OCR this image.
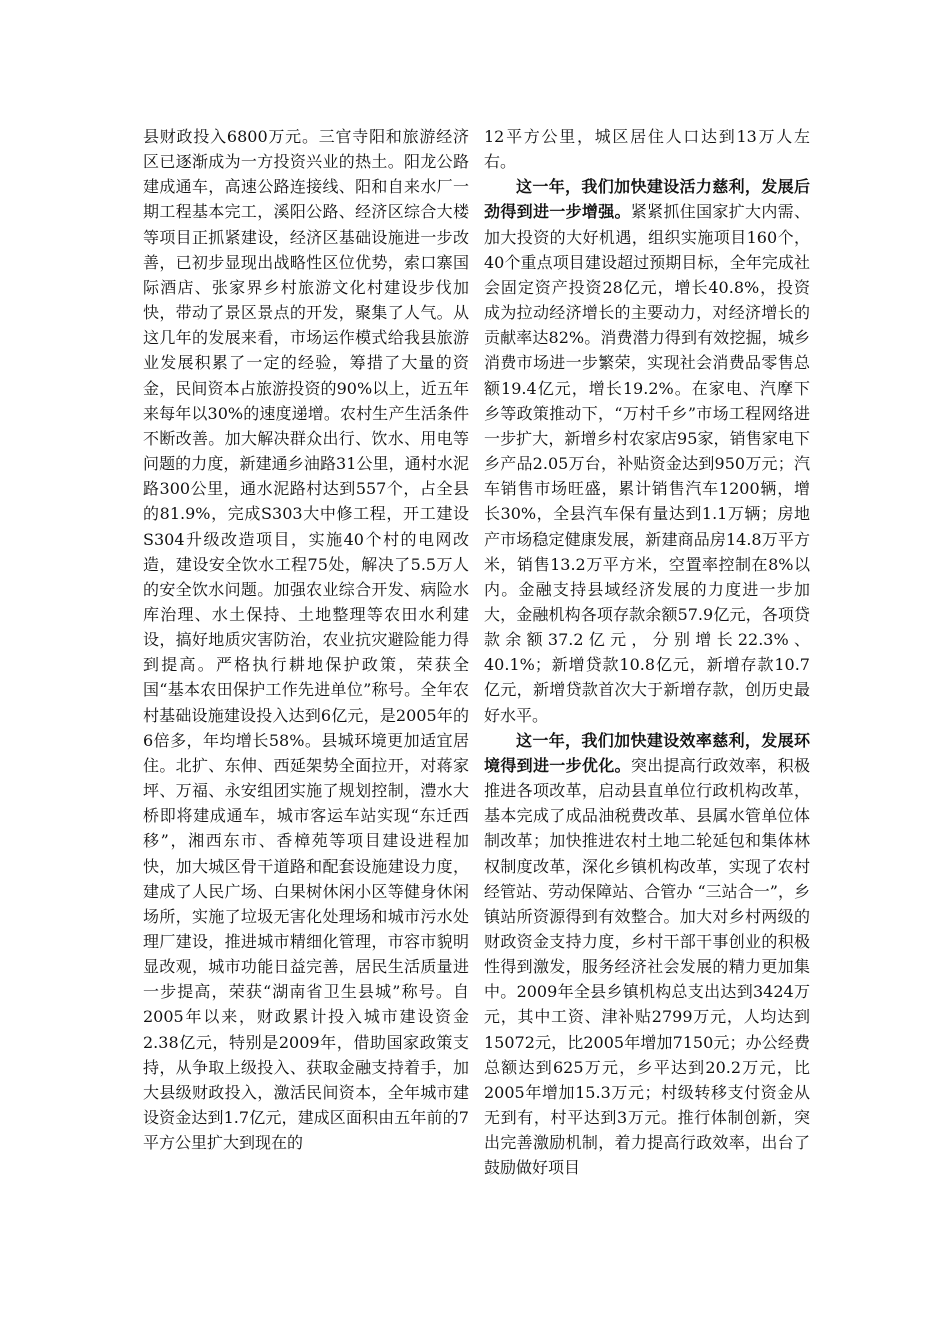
县财政投入6800万元。三官寺阳和旅游经济区已逐渐成为一方投资兴业的热土。阳龙公路建成通车，高速公路连接线、阳和自来水厂一期工程基本完工，溪阳公路、经济区综合大楼等项目正抓紧建设，经济区基础设施进一步改善，已初步显现出战略性区位优势，索口寨国际酒店、张家界乡村旅游文化村建设步伐加快，带动了景区景点的开发，聚集了人气。从这几年的发展来看，市场运作模式给我县旅游业发展积累了一定的经验，筹措了大量的资金，民间资本占旅游投资的90%以上，近五年来每年以30%的速度递增。农村生产生活条件不断改善。加大解决群众出行、饮水、用电等问题的力度，新建通乡油路31公里，通村水泥路300公里，通水泥路村达到557个，占全县的81.9%，完成S303大中修工程，开工建设S304升级改造项目，实施40个村的电网改造，建设安全饮水工程75处，解决了5.5万人的安全饮水问题。加强农业综合开发、病险水库治理、水土保持、土地整理等农田水利建设，搞好地质灾害防治，农业抗灾避险能力得到提高。严格执行耕地保护政策，荣获全国“基本农田保护工作先进单位”称号。全年农村基础设施建设投入达到6亿元，是2005年的6倍多，年均增长58%。县城环境更加适宜居住。北扩、东伸、西延架势全面拉开，对蒋家坪、万福、永安组团实施了规划控制，澧水大桥即将建成通车，城市客运车站实现“东迁西移”，湘西东市、香樟苑等项目建设进程加快，加大城区骨干道路和配套设施建设力度，建成了人民广场、白果树休闲小区等健身休闲场所，实施了垃圾无害化处理场和城市污水处理厂建设，推进城市精细化管理，市容市貌明显改观，城市功能日益完善，居民生活质量进一步提高，荣获“湖南省卫生县城”称号。自2005年以来，财政累计投入城市建设资金2.38亿元，特别是2009年，借助国家政策支持，从争取上级投入、获取金融支持着手，加大县级财政投入，激活民间资本，全年城市建设资金达到1.7亿元，建成区面积由五年前的7平方公里扩大到现在的

12平方公里，城区居住人口达到13万人左右。

这一年，我们加快建设活力慈利，发展后劲得到进一步增强。紧紧抓住国家扩大内需、加大投资的大好机遇，组织实施项目160个，40个重点项目建设超过预期目标，全年完成社会固定资产投资28亿元，增长40.8%，投资成为拉动经济增长的主要动力，对经济增长的贡献率达82%。消费潜力得到有效挖掘，城乡消费市场进一步繁荣，实现社会消费品零售总额19.4亿元，增长19.2%。在家电、汽摩下乡等政策推动下，“万村千乡”市场工程网络进一步扩大，新增乡村农家店95家，销售家电下乡产品2.05万台，补贴资金达到950万元；汽车销售市场旺盛，累计销售汽车1200辆，增长30%，全县汽车保有量达到1.1万辆；房地产市场稳定健康发展，新建商品房14.8万平方米，销售13.2万平方米，空置率控制在8%以内。金融支持县域经济发展的力度进一步加大，金融机构各项存款余额57.9亿元，各项贷款余额37.2亿元，分别增长22.3%、40.1%；新增贷款10.8亿元，新增存款10.7亿元，新增贷款首次大于新增存款，创历史最好水平。

这一年，我们加快建设效率慈利，发展环境得到进一步优化。突出提高行政效率，积极推进各项改革，启动县直单位行政机构改革，基本完成了成品油税费改革、县属水管单位体制改革；加快推进农村土地二轮延包和集体林权制度改革，深化乡镇机构改革，实现了农村经管站、劳动保障站、合管办 “三站合一”，乡镇站所资源得到有效整合。加大对乡村两级的财政资金支持力度，乡村干部干事创业的积极性得到激发，服务经济社会发展的精力更加集中。2009年全县乡镇机构总支出达到3424万元，其中工资、津补贴2799万元，人均达到15072元，比2005年增加7150元；办公经费总额达到625万元，乡平达到20.2万元，比2005年增加15.3万元；村级转移支付资金从无到有，村平达到3万元。推行体制创新，突出完善激励机制，着力提高行政效率，出台了鼓励做好项目
